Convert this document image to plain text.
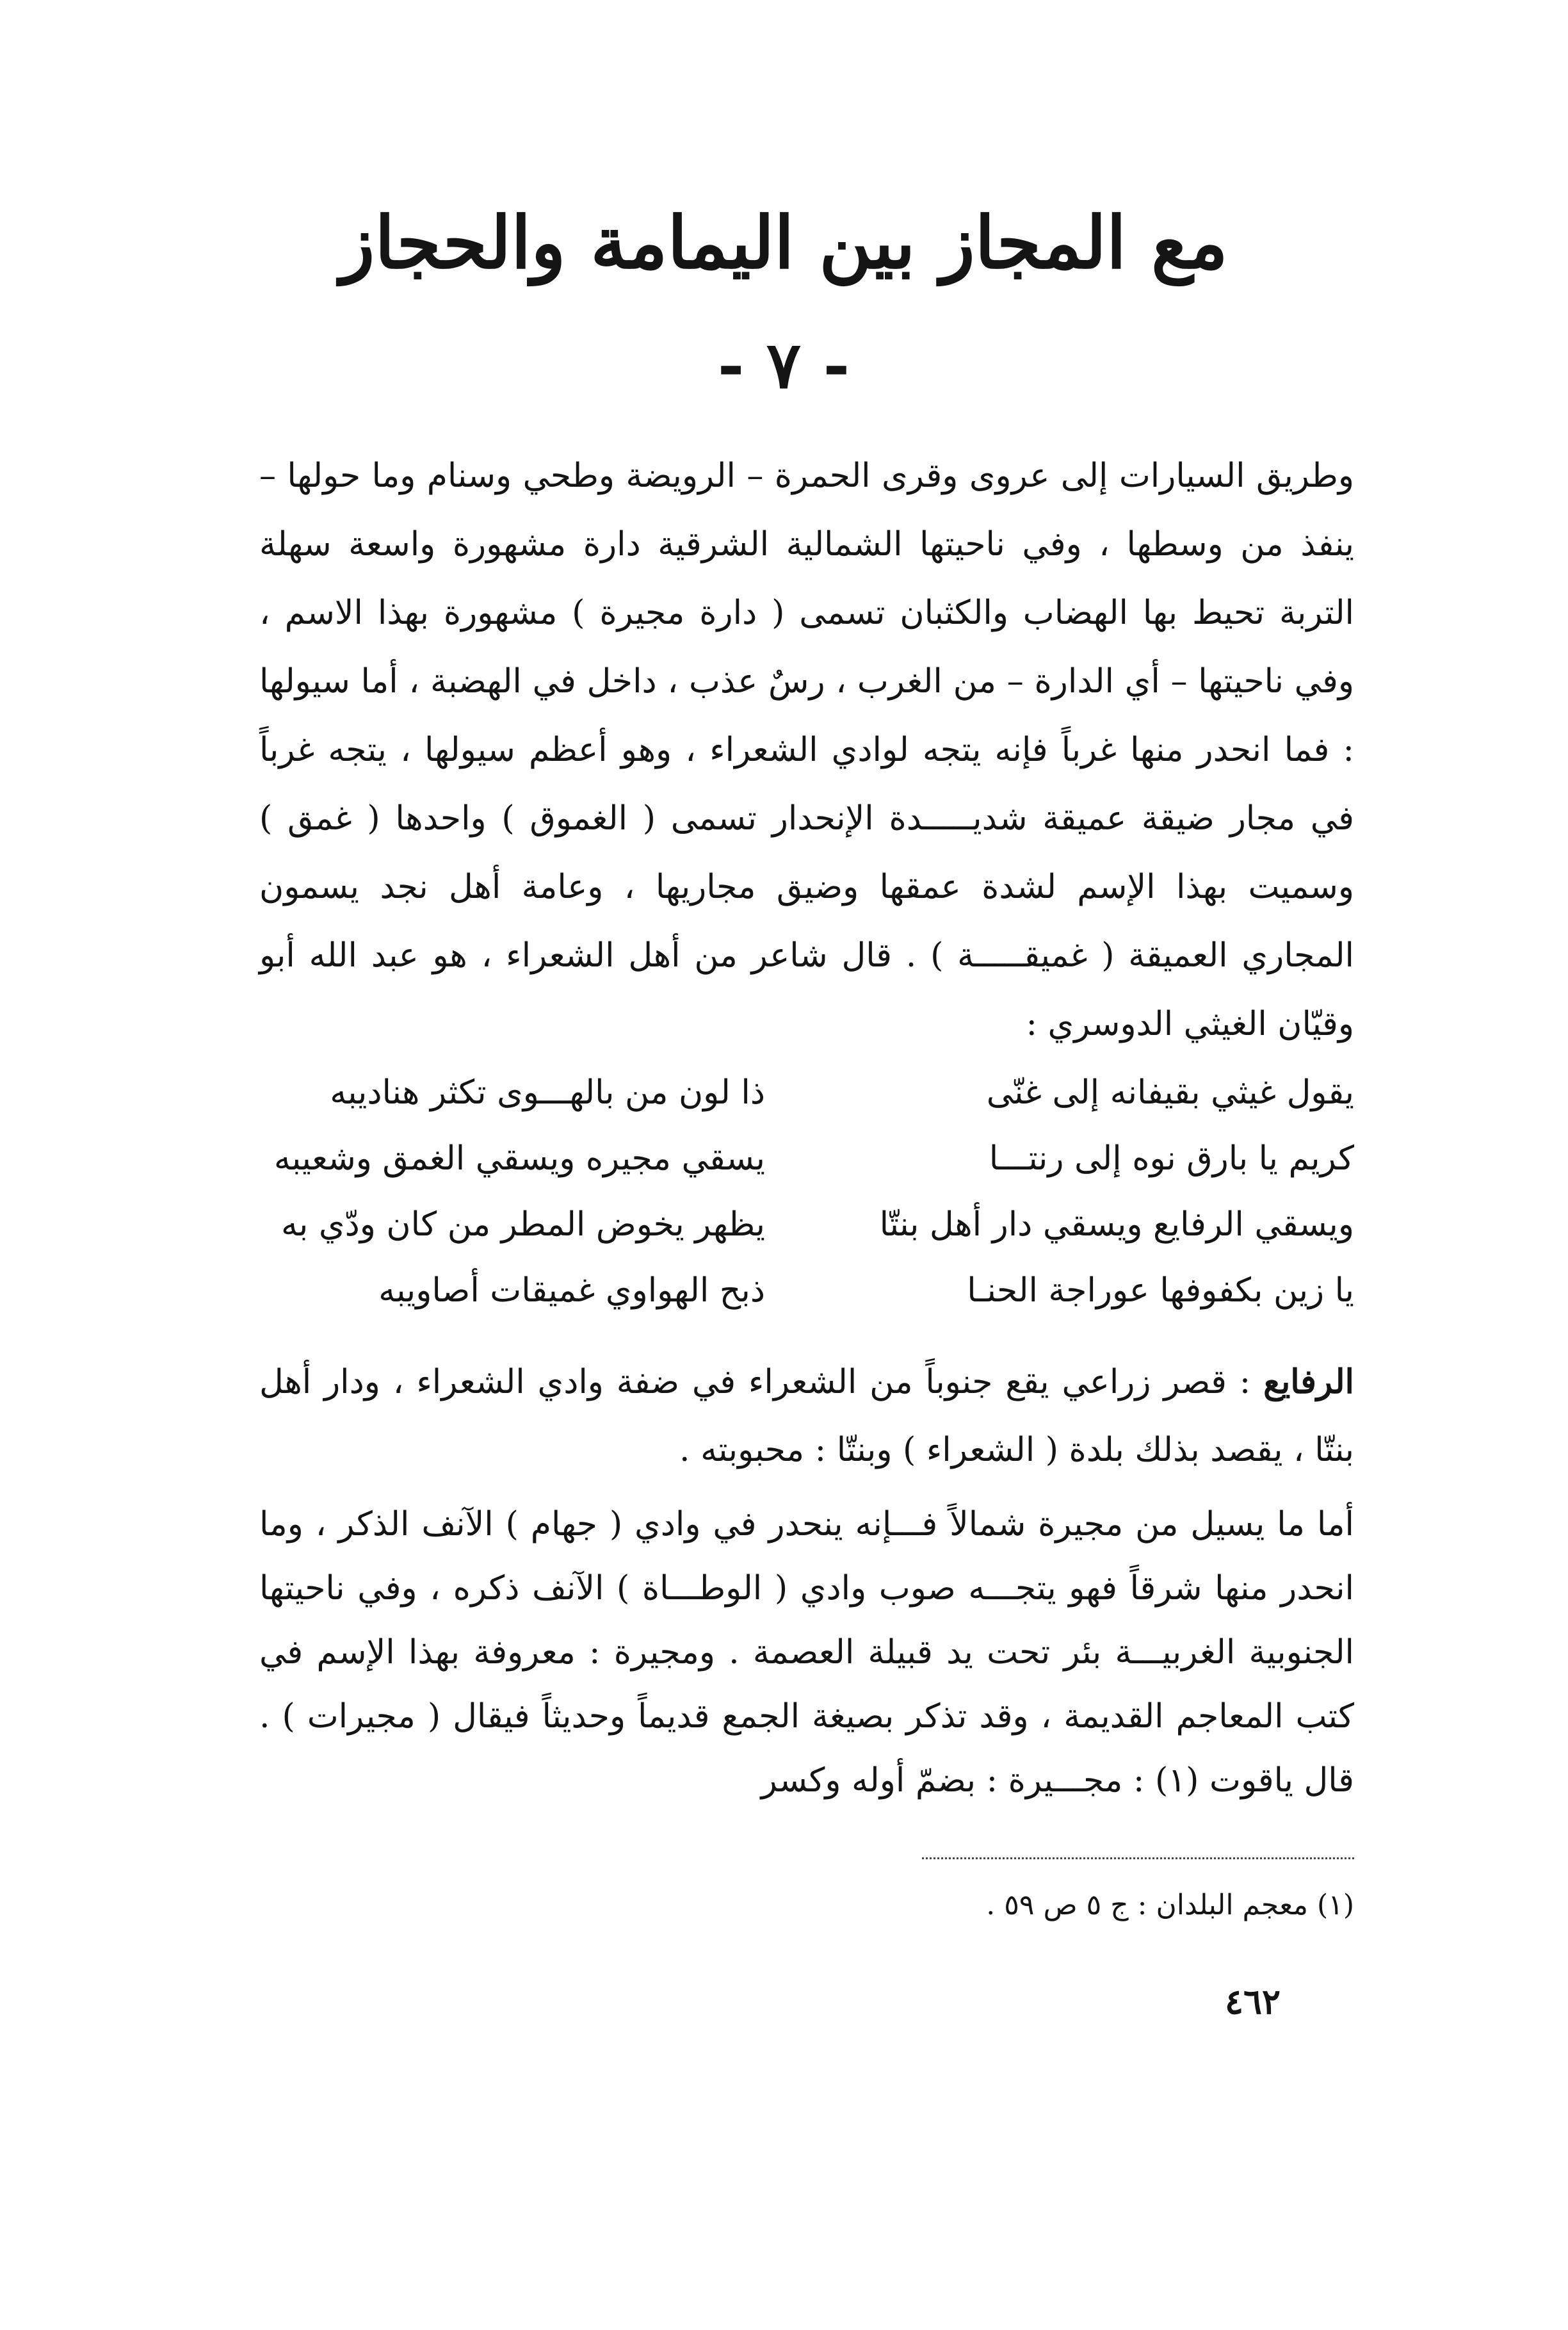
مع المجاز بين اليمامة والحجاز
- ٧ -

وطريق السيارات إلى عروى وقرى الحمرة – الرويضة وطحي وسنام وما حولها – ينفذ من وسطها ، وفي ناحيتها الشمالية الشرقية دارة مشهورة واسعة سهلة التربة تحيط بها الهضاب والكثبان تسمى ( دارة مجيرة ) مشهورة بهذا الاسم ، وفي ناحيتها – أي الدارة – من الغرب ، رسٌ عذب ، داخل في الهضبة ، أما سيولها : فما انحدر منها غرباً فإنه يتجه لوادي الشعراء ، وهو أعظم سيولها ، يتجه غرباً في مجار ضيقة عميقة شديـــــدة الإنحدار تسمى ( الغموق ) واحدها ( غمق ) وسميت بهذا الإسم لشدة عمقها وضيق مجاريها ، وعامة أهل نجد يسمون المجاري العميقة ( غميقـــــة ) . قال شاعر من أهل الشعراء ، هو عبد الله أبو وقيّان الغيثي الدوسري :

يقول غيثي بقيفانه إلى غنّى
ذا لون من بالهـــوى تكثر هناديبه
كريم يا بارق نوه إلى رنتـــا
يسقي مجيره ويسقي الغمق وشعيبه
ويسقي الرفايع ويسقي دار أهل بنتّا
يظهر يخوض المطر من كان ودّي به
يا زين بكفوفها عوراجة الحنـا
ذبح الهواوي غميقات أصاويبه

الرفايع : قصر زراعي يقع جنوباً من الشعراء في ضفة وادي الشعراء ، ودار أهل بنتّا ، يقصد بذلك بلدة ( الشعراء ) وبنتّا : محبوبته .

أما ما يسيل من مجيرة شمالاً فـــإنه ينحدر في وادي ( جهام ) الآنف الذكر ، وما انحدر منها شرقاً فهو يتجـــه صوب وادي ( الوطـــاة ) الآنف ذكره ، وفي ناحيتها الجنوبية الغربيـــة بئر تحت يد قبيلة العصمة . ومجيرة : معروفة بهذا الإسم في كتب المعاجم القديمة ، وقد تذكر بصيغة الجمع قديماً وحديثاً فيقال ( مجيرات ) . قال ياقوت (١) : مجـــيرة : بضمّ أوله وكسر

(١) معجم البلدان : ج ٥ ص ٥٩ .
٤٦٢
